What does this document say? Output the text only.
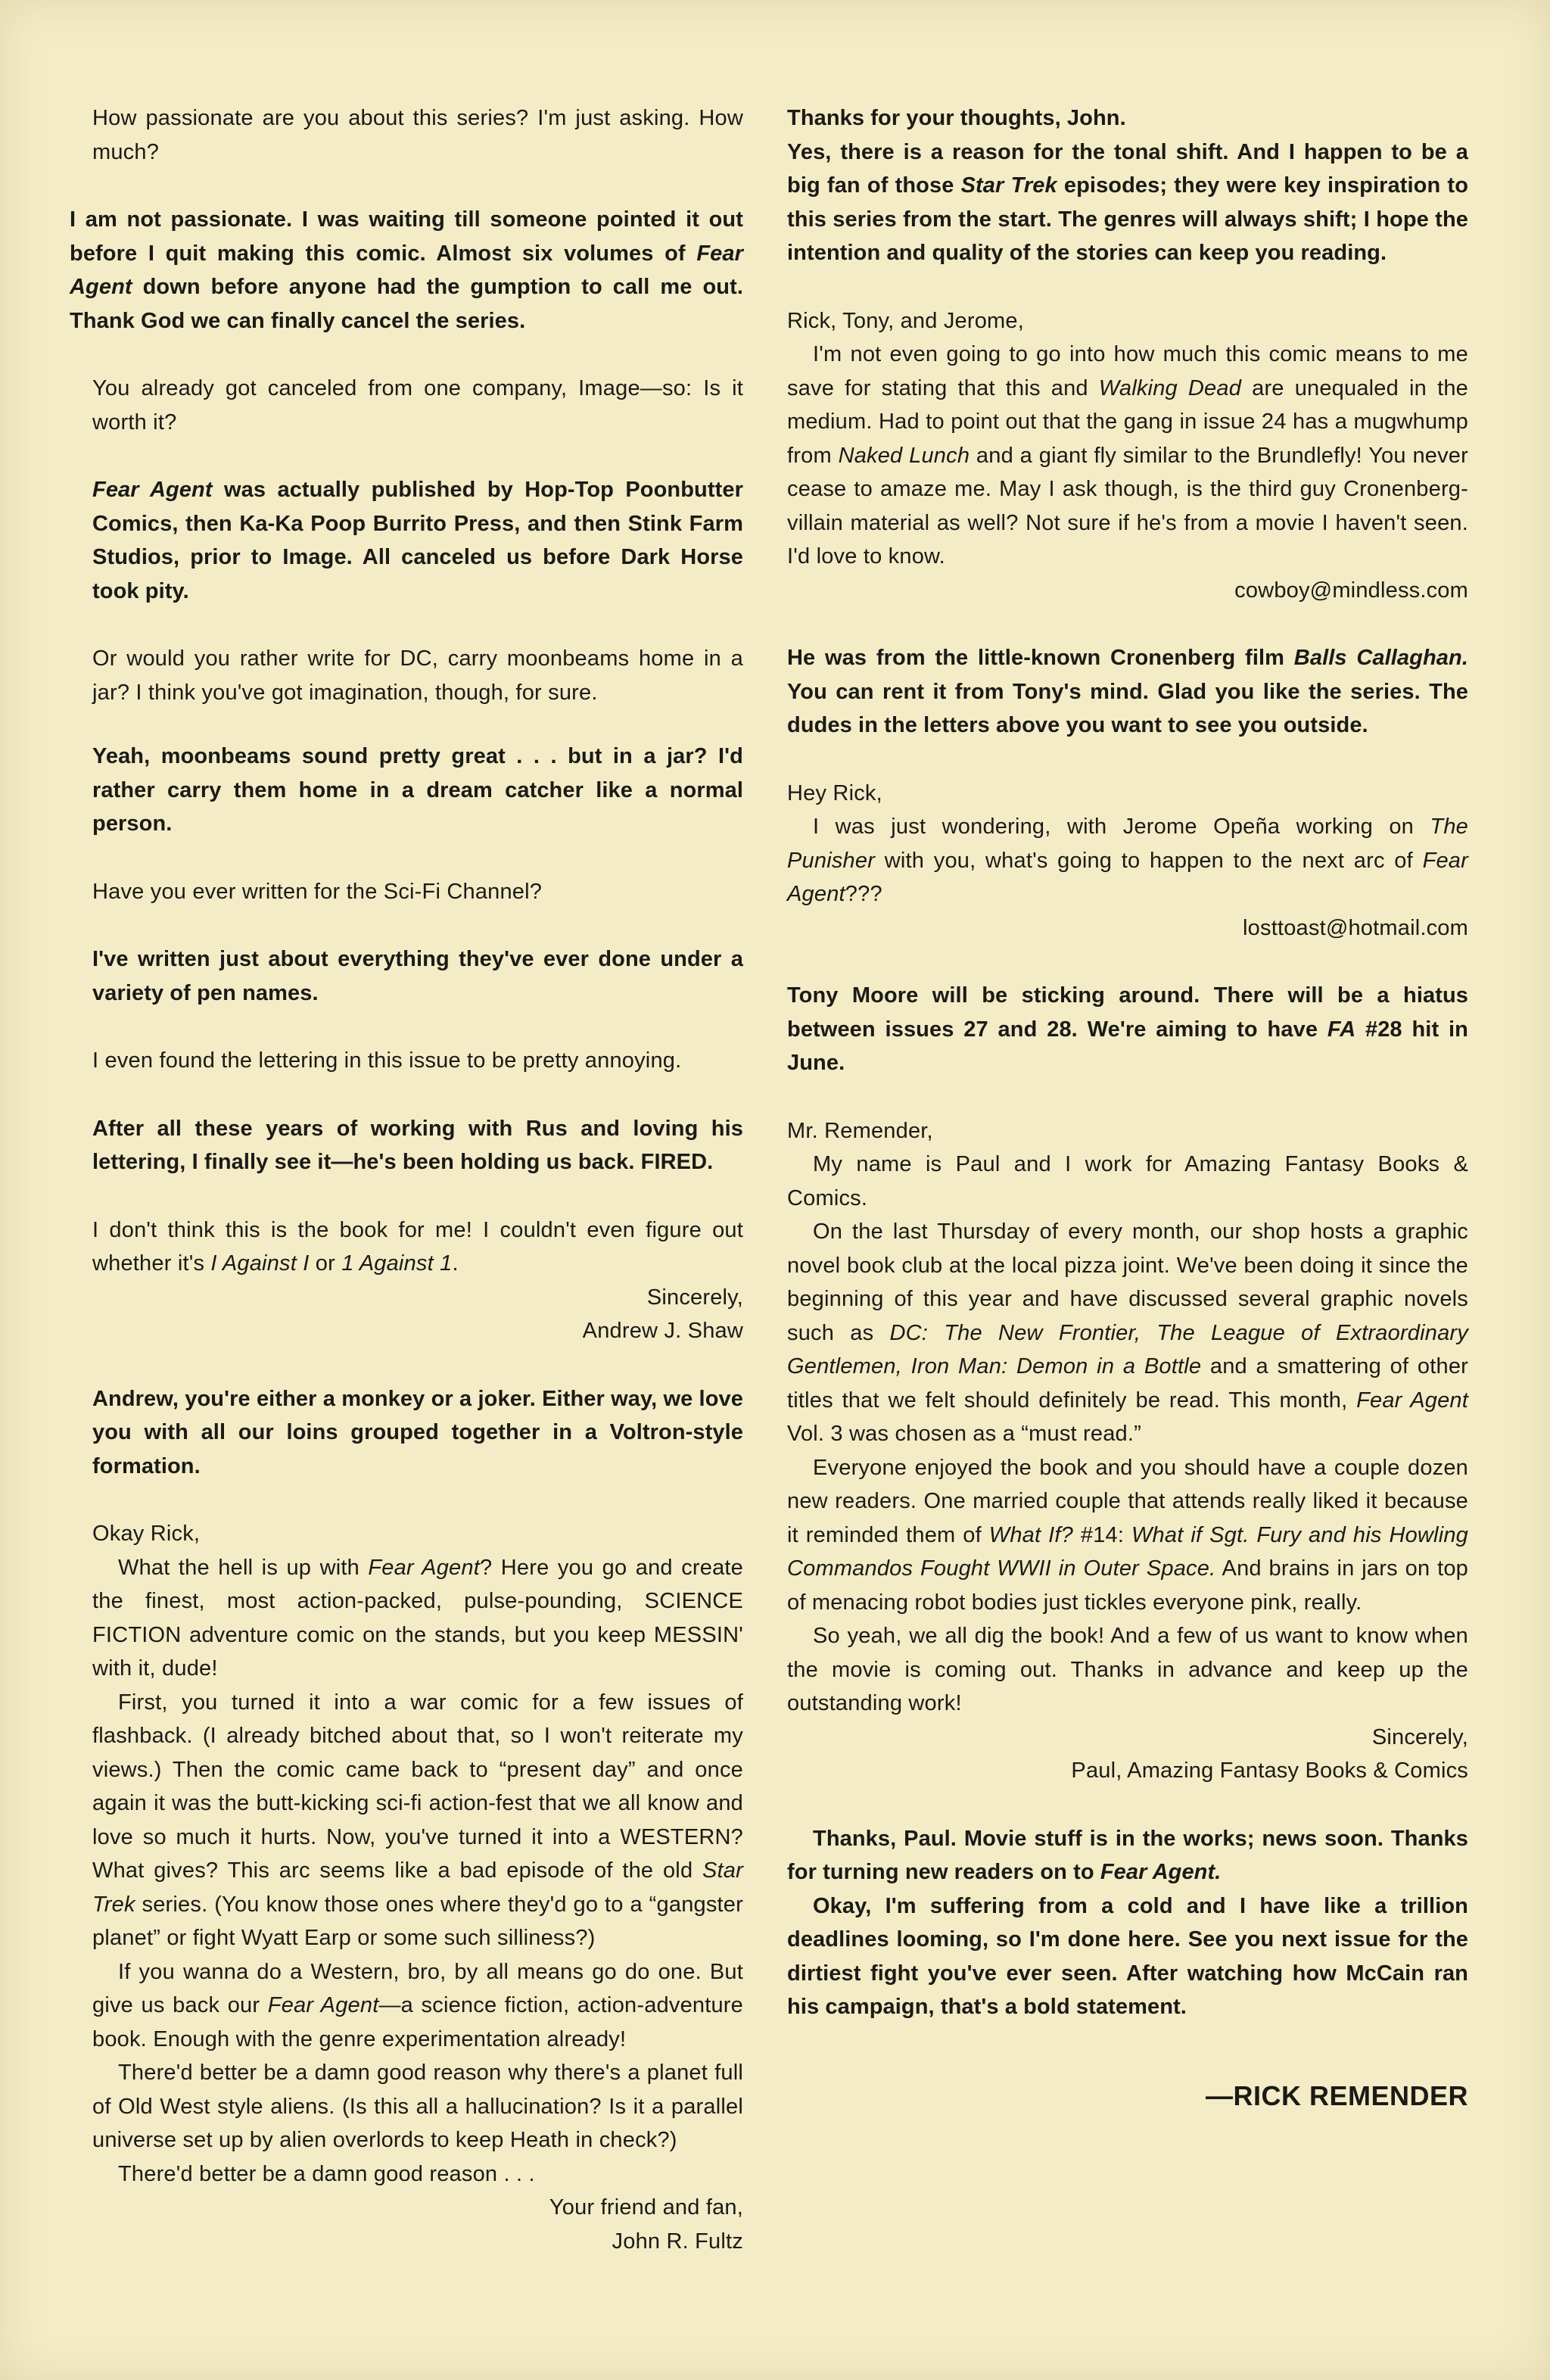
How passionate are you about this series? I'm just asking. How much?

I am not passionate. I was waiting till someone pointed it out before I quit making this comic. Almost six volumes of Fear Agent down before anyone had the gumption to call me out. Thank God we can finally cancel the series.

You already got canceled from one company, Image—so: Is it worth it?

Fear Agent was actually published by Hop-Top Poonbutter Comics, then Ka-Ka Poop Burrito Press, and then Stink Farm Studios, prior to Image. All canceled us before Dark Horse took pity.

Or would you rather write for DC, carry moonbeams home in a jar? I think you've got imagination, though, for sure.

Yeah, moonbeams sound pretty great . . . but in a jar? I'd rather carry them home in a dream catcher like a normal person.

Have you ever written for the Sci-Fi Channel?

I've written just about everything they've ever done under a variety of pen names.

I even found the lettering in this issue to be pretty annoying.

After all these years of working with Rus and loving his lettering, I finally see it—he's been holding us back. FIRED.

I don't think this is the book for me! I couldn't even figure out whether it's I Against I or 1 Against 1.

Sincerely,

Andrew J. Shaw

Andrew, you're either a monkey or a joker. Either way, we love you with all our loins grouped together in a Voltron-style formation.

Okay Rick,

What the hell is up with Fear Agent? Here you go and create the finest, most action-packed, pulse-pounding, SCIENCE FICTION adventure comic on the stands, but you keep MESSIN' with it, dude!

First, you turned it into a war comic for a few issues of flashback. (I already bitched about that, so I won't reiterate my views.) Then the comic came back to “present day” and once again it was the butt-kicking sci-fi action-fest that we all know and love so much it hurts. Now, you've turned it into a WESTERN? What gives? This arc seems like a bad episode of the old Star Trek series. (You know those ones where they'd go to a “gangster planet” or fight Wyatt Earp or some such silliness?)

If you wanna do a Western, bro, by all means go do one. But give us back our Fear Agent—a science fiction, action-adventure book. Enough with the genre experimentation already!

There'd better be a damn good reason why there's a planet full of Old West style aliens. (Is this all a hallucination? Is it a parallel universe set up by alien overlords to keep Heath in check?)

There'd better be a damn good reason . . .

Your friend and fan,

John R. Fultz

Thanks for your thoughts, John.

Yes, there is a reason for the tonal shift. And I happen to be a big fan of those Star Trek episodes; they were key inspiration to this series from the start. The genres will always shift; I hope the intention and quality of the stories can keep you reading.

Rick, Tony, and Jerome,

I'm not even going to go into how much this comic means to me save for stating that this and Walking Dead are unequaled in the medium. Had to point out that the gang in issue 24 has a mugwhump from Naked Lunch and a giant fly similar to the Brundlefly! You never cease to amaze me. May I ask though, is the third guy Cronenberg-villain material as well? Not sure if he's from a movie I haven't seen. I'd love to know.

cowboy@mindless.com

He was from the little-known Cronenberg film Balls Callaghan. You can rent it from Tony's mind. Glad you like the series. The dudes in the letters above you want to see you outside.

Hey Rick,

I was just wondering, with Jerome Opeña working on The Punisher with you, what's going to happen to the next arc of Fear Agent???

losttoast@hotmail.com

Tony Moore will be sticking around. There will be a hiatus between issues 27 and 28. We're aiming to have FA #28 hit in June.

Mr. Remender,

My name is Paul and I work for Amazing Fantasy Books & Comics.

On the last Thursday of every month, our shop hosts a graphic novel book club at the local pizza joint. We've been doing it since the beginning of this year and have discussed several graphic novels such as DC: The New Frontier, The League of Extraordinary Gentlemen, Iron Man: Demon in a Bottle and a smattering of other titles that we felt should definitely be read. This month, Fear Agent Vol. 3 was chosen as a “must read.”

Everyone enjoyed the book and you should have a couple dozen new readers. One married couple that attends really liked it because it reminded them of What If? #14: What if Sgt. Fury and his Howling Commandos Fought WWII in Outer Space. And brains in jars on top of menacing robot bodies just tickles everyone pink, really.

So yeah, we all dig the book! And a few of us want to know when the movie is coming out. Thanks in advance and keep up the outstanding work!

Sincerely,

Paul, Amazing Fantasy Books & Comics

Thanks, Paul. Movie stuff is in the works; news soon. Thanks for turning new readers on to Fear Agent.

Okay, I'm suffering from a cold and I have like a trillion deadlines looming, so I'm done here. See you next issue for the dirtiest fight you've ever seen. After watching how McCain ran his campaign, that's a bold statement.

—RICK REMENDER
